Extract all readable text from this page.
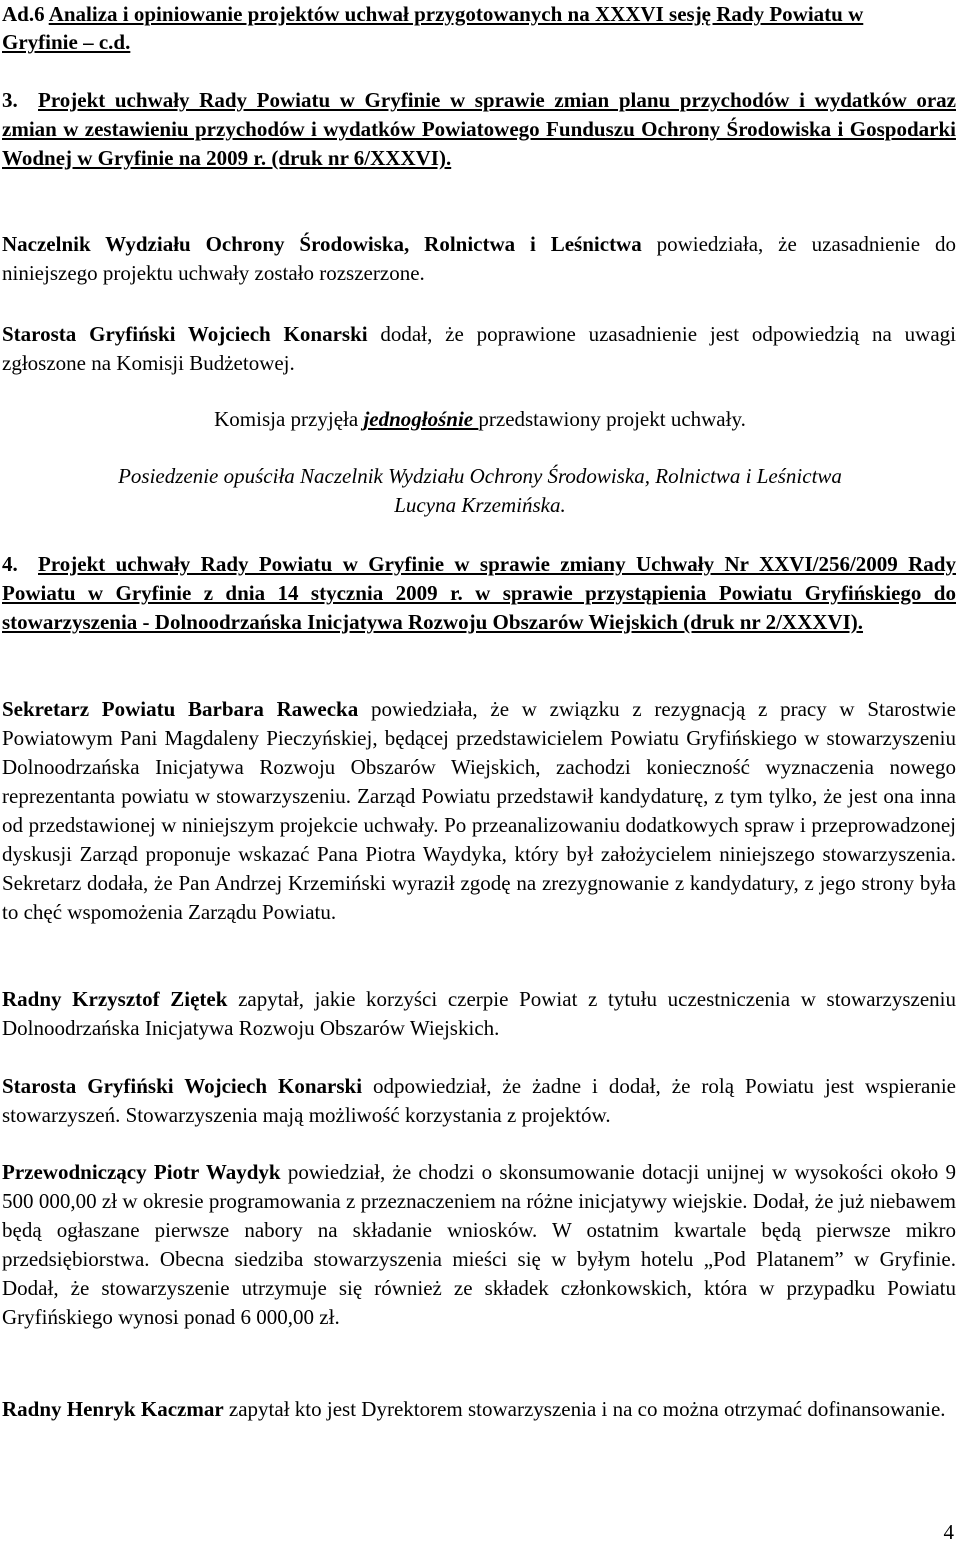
Ad.6 Analiza i opiniowanie projektów uchwał przygotowanych na XXXVI sesję Rady Powiatu w Gryfinie – c.d.
3. Projekt uchwały Rady Powiatu w Gryfinie w sprawie zmian planu przychodów i wydatków oraz zmian w zestawieniu przychodów i wydatków Powiatowego Funduszu Ochrony Środowiska i Gospodarki Wodnej w Gryfinie na 2009 r. (druk nr 6/XXXVI).
Naczelnik Wydziału Ochrony Środowiska, Rolnictwa i Leśnictwa powiedziała, że uzasadnienie do niniejszego projektu uchwały zostało rozszerzone.
Starosta Gryfiński Wojciech Konarski dodał, że poprawione uzasadnienie jest odpowiedzią na uwagi zgłoszone na Komisji Budżetowej.
Komisja przyjęła jednogłośnie przedstawiony projekt uchwały.
Posiedzenie opuściła Naczelnik Wydziału Ochrony Środowiska, Rolnictwa i Leśnictwa
Lucyna Krzemińska.
4. Projekt uchwały Rady Powiatu w Gryfinie w sprawie zmiany Uchwały Nr XXVI/256/2009 Rady Powiatu w Gryfinie z dnia 14 stycznia 2009 r. w sprawie przystąpienia Powiatu Gryfińskiego do stowarzyszenia - Dolnoodrzańska Inicjatywa Rozwoju Obszarów Wiejskich (druk nr 2/XXXVI).
Sekretarz Powiatu Barbara Rawecka powiedziała, że w związku z rezygnacją z pracy w Starostwie Powiatowym Pani Magdaleny Pieczyńskiej, będącej przedstawicielem Powiatu Gryfińskiego w stowarzyszeniu Dolnoodrzańska Inicjatywa Rozwoju Obszarów Wiejskich, zachodzi konieczność wyznaczenia nowego reprezentanta powiatu w stowarzyszeniu. Zarząd Powiatu przedstawił kandydaturę, z tym tylko, że jest ona inna od przedstawionej w niniejszym projekcie uchwały. Po przeanalizowaniu dodatkowych spraw i przeprowadzonej dyskusji Zarząd proponuje wskazać Pana Piotra Waydyka, który był założycielem niniejszego stowarzyszenia. Sekretarz dodała, że Pan Andrzej Krzemiński wyraził zgodę na zrezygnowanie z kandydatury, z jego strony była to chęć wspomożenia Zarządu Powiatu.
Radny Krzysztof Ziętek zapytał, jakie korzyści czerpie Powiat z tytułu uczestniczenia w stowarzyszeniu Dolnoodrzańska Inicjatywa Rozwoju Obszarów Wiejskich.
Starosta Gryfiński Wojciech Konarski odpowiedział, że żadne i dodał, że rolą Powiatu jest wspieranie stowarzyszeń. Stowarzyszenia mają możliwość korzystania z projektów.
Przewodniczący Piotr Waydyk powiedział, że chodzi o skonsumowanie dotacji unijnej w wysokości około 9 500 000,00 zł w okresie programowania z przeznaczeniem na różne inicjatywy wiejskie. Dodał, że już niebawem będą ogłaszane pierwsze nabory na składanie wniosków. W ostatnim kwartale będą pierwsze mikro przedsiębiorstwa. Obecna siedziba stowarzyszenia mieści się w byłym hotelu „Pod Platanem” w Gryfinie. Dodał, że stowarzyszenie utrzymuje się również ze składek członkowskich, która w przypadku Powiatu Gryfińskiego wynosi ponad 6 000,00 zł.
Radny Henryk Kaczmar zapytał kto jest Dyrektorem stowarzyszenia i na co można otrzymać dofinansowanie.
4
